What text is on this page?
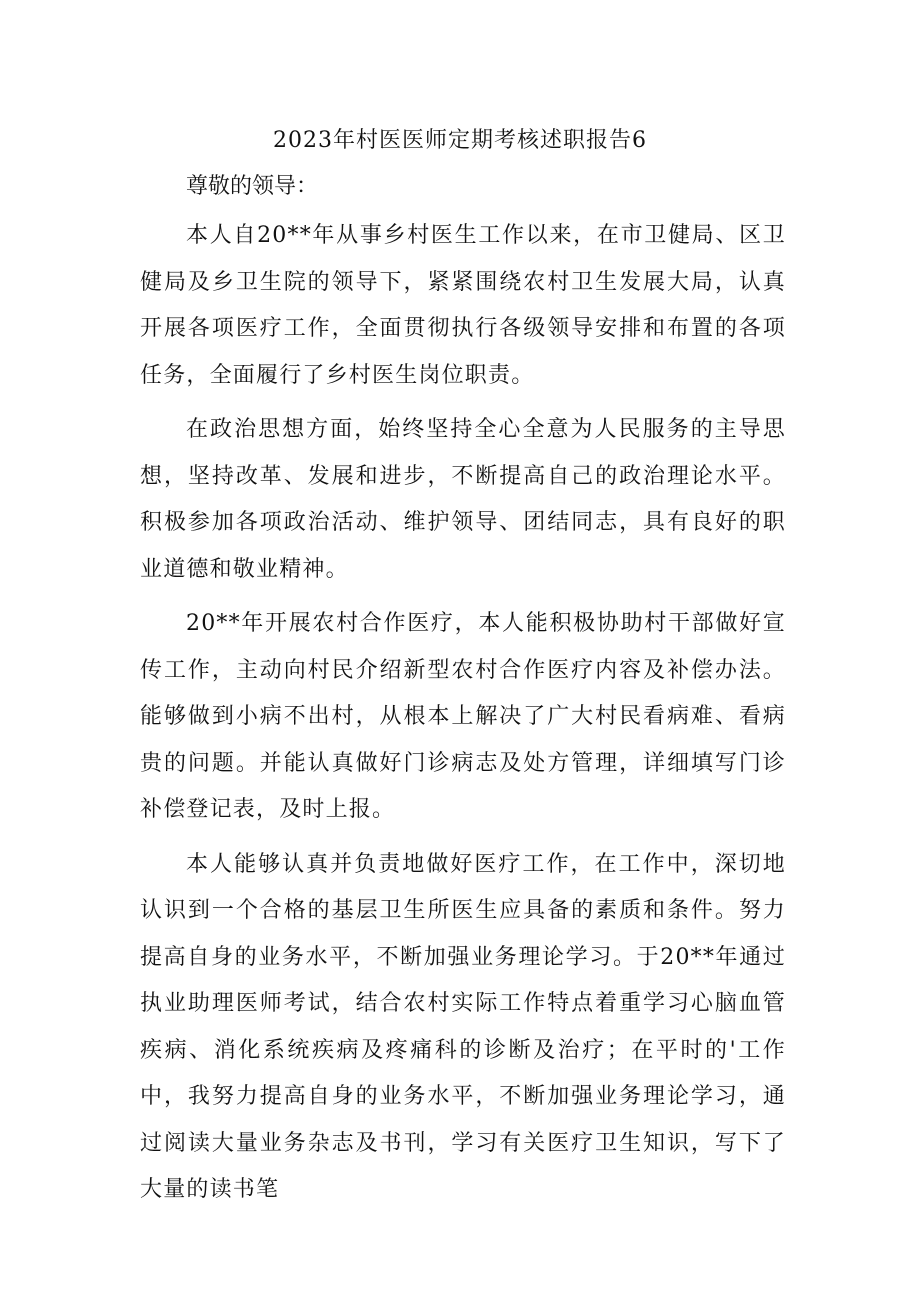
2023年村医医师定期考核述职报告6

尊敬的领导：

本人自20**年从事乡村医生工作以来，在市卫健局、区卫健局及乡卫生院的领导下，紧紧围绕农村卫生发展大局，认真开展各项医疗工作，全面贯彻执行各级领导安排和布置的各项任务，全面履行了乡村医生岗位职责。

在政治思想方面，始终坚持全心全意为人民服务的主导思想，坚持改革、发展和进步，不断提高自己的政治理论水平。积极参加各项政治活动、维护领导、团结同志，具有良好的职业道德和敬业精神。

20**年开展农村合作医疗，本人能积极协助村干部做好宣传工作，主动向村民介绍新型农村合作医疗内容及补偿办法。能够做到小病不出村，从根本上解决了广大村民看病难、看病贵的问题。并能认真做好门诊病志及处方管理，详细填写门诊补偿登记表，及时上报。

本人能够认真并负责地做好医疗工作，在工作中，深切地认识到一个合格的基层卫生所医生应具备的素质和条件。努力提高自身的业务水平，不断加强业务理论学习。于20**年通过执业助理医师考试，结合农村实际工作特点着重学习心脑血管疾病、消化系统疾病及疼痛科的诊断及治疗；在平时的'工作中，我努力提高自身的业务水平，不断加强业务理论学习，通过阅读大量业务杂志及书刊，学习有关医疗卫生知识，写下了大量的读书笔
